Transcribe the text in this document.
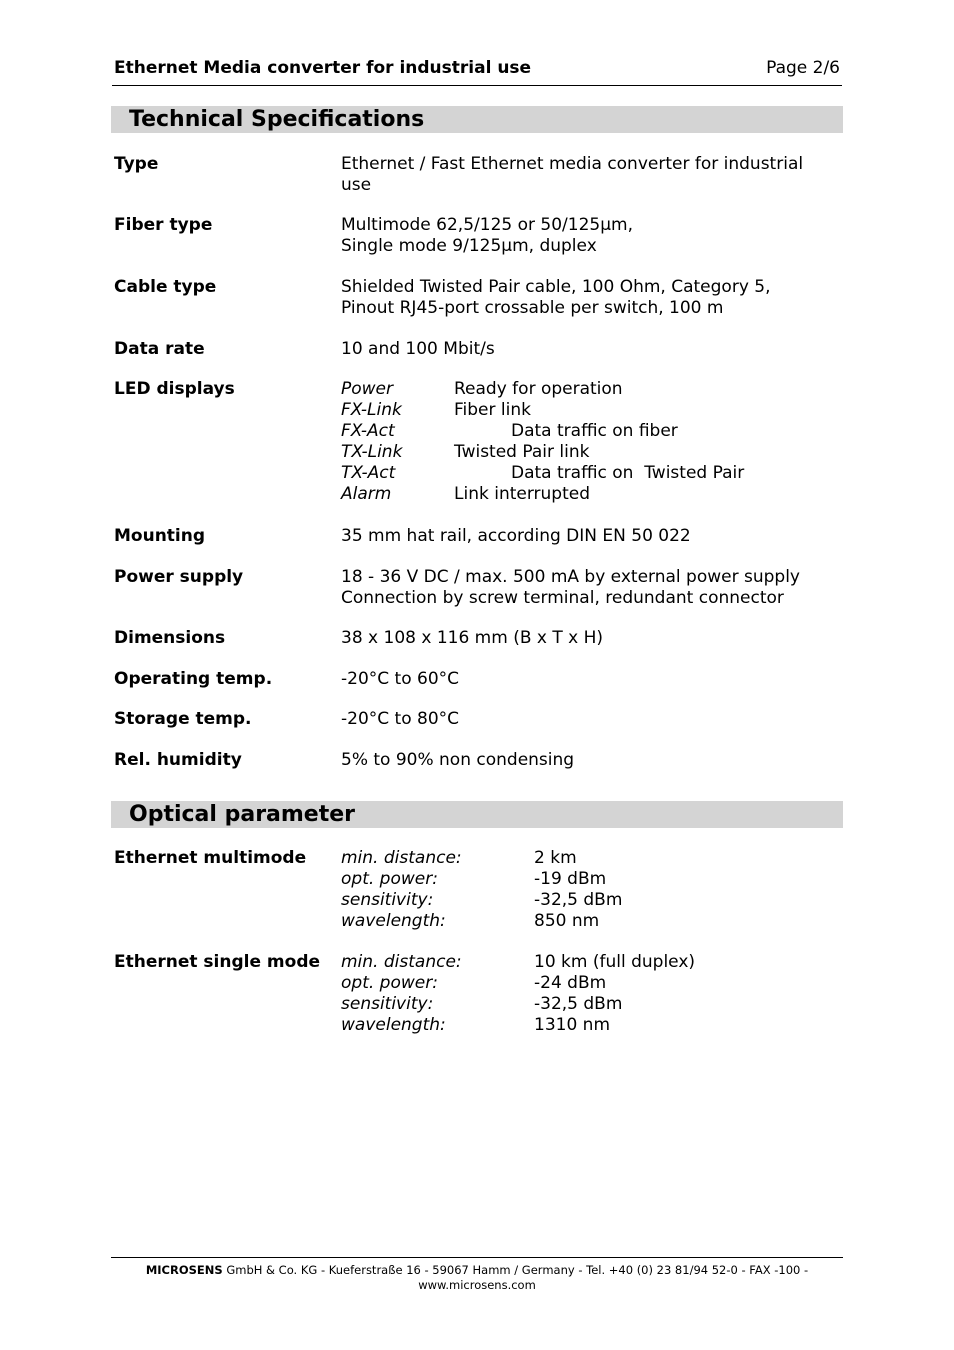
Ethernet Media converter for industrial use	Page 2/6
Technical Specifications
Type	Ethernet / Fast Ethernet media converter for industrial
use
Fiber type	Multimode 62,5/125 or 50/125µm,
Single mode 9/125µm, duplex
Cable type	Shielded Twisted Pair cable, 100 Ohm, Category 5,
Pinout RJ45-port crossable per switch, 100 m
Data rate	10 and 100 Mbit/s
LED displays	Power	Ready for operation
FX-Link	Fiber link
FX-Act	Data traffic on fiber
TX-Link	Twisted Pair link
TX-Act	Data traffic on  Twisted Pair
Alarm	Link interrupted
Mounting	35 mm hat rail, according DIN EN 50 022
Power supply	18 - 36 V DC / max. 500 mA by external power supply
Connection by screw terminal, redundant connector
Dimensions	38 x 108 x 116 mm (B x T x H)
Operating temp.	-20°C to 60°C
Storage temp.	-20°C to 80°C
Rel. humidity	5% to 90% non condensing
Optical parameter
Ethernet multimode min. distance:	2 km
opt. power:	-19 dBm
sensitivity:	-32,5 dBm
wavelength:	850 nm
Ethernet single mode min. distance:	10 km (full duplex)
opt. power:	-24 dBm
sensitivity:	-32,5 dBm
wavelength:	1310 nm
MICROSENS GmbH & Co. KG - Kueferstraße 16 - 59067 Hamm / Germany - Tel. +40 (0) 23 81/94 52-0 - FAX -100 -
www.microsens.com
